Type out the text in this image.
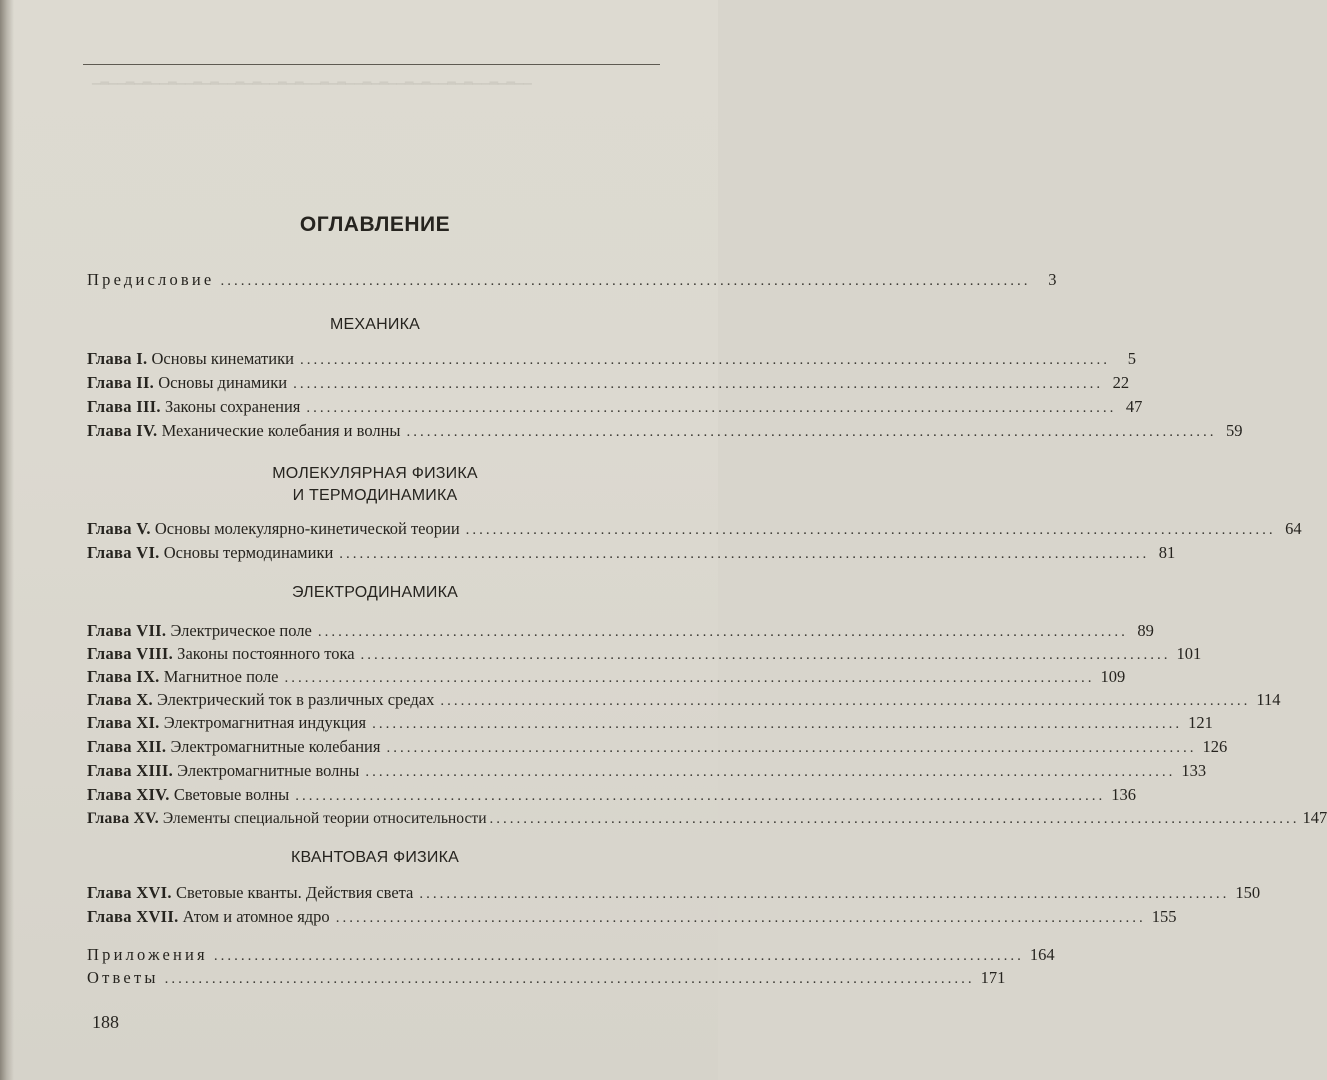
▁▂▁▁▂▁▂▁▁▂▁▁▂▁▂▁▁▂▁▂▁▁▂▁▂▁▁▂▁▂▁▁▂▁▂▁▁▂▁▂▁▁▂▁▂▁▁▂▁▂▁▁
ОГЛАВЛЕНИЕ
Предисловие ........................................................................................................................	3
МЕХАНИКА
Глава I. Основы кинематики ........................................................................................................................	5
Глава II. Основы динамики ........................................................................................................................ 22
Глава III. Законы сохранения ........................................................................................................................ 47
Глава IV. Механические колебания и волны ........................................................................................................................ 59
МОЛЕКУЛЯРНАЯ ФИЗИКА
И ТЕРМОДИНАМИКА
Глава V. Основы молекулярно-кинетической теории ........................................................................................................................ 64
Глава VI. Основы термодинамики ........................................................................................................................ 81
ЭЛЕКТРОДИНАМИКА
Глава VII. Электрическое поле ........................................................................................................................ 89
Глава VIII. Законы постоянного тока ........................................................................................................................ 101
Глава IX. Магнитное поле ........................................................................................................................ 109
Глава X. Электрический ток в различных средах ........................................................................................................................ 114
Глава XI. Электромагнитная индукция ........................................................................................................................ 121
Глава XII. Электромагнитные колебания ........................................................................................................................ 126
Глава XIII. Электромагнитные волны ........................................................................................................................ 133
Глава XIV. Световые волны ........................................................................................................................ 136
Глава XV. Элементы специальной теории относительности ........................................................................................................................ 147
КВАНТОВАЯ ФИЗИКА
Глава XVI. Световые кванты. Действия света ........................................................................................................................ 150
Глава XVII. Атом и атомное ядро ........................................................................................................................ 155
Приложения ........................................................................................................................ 164
Ответы ........................................................................................................................ 171
188
